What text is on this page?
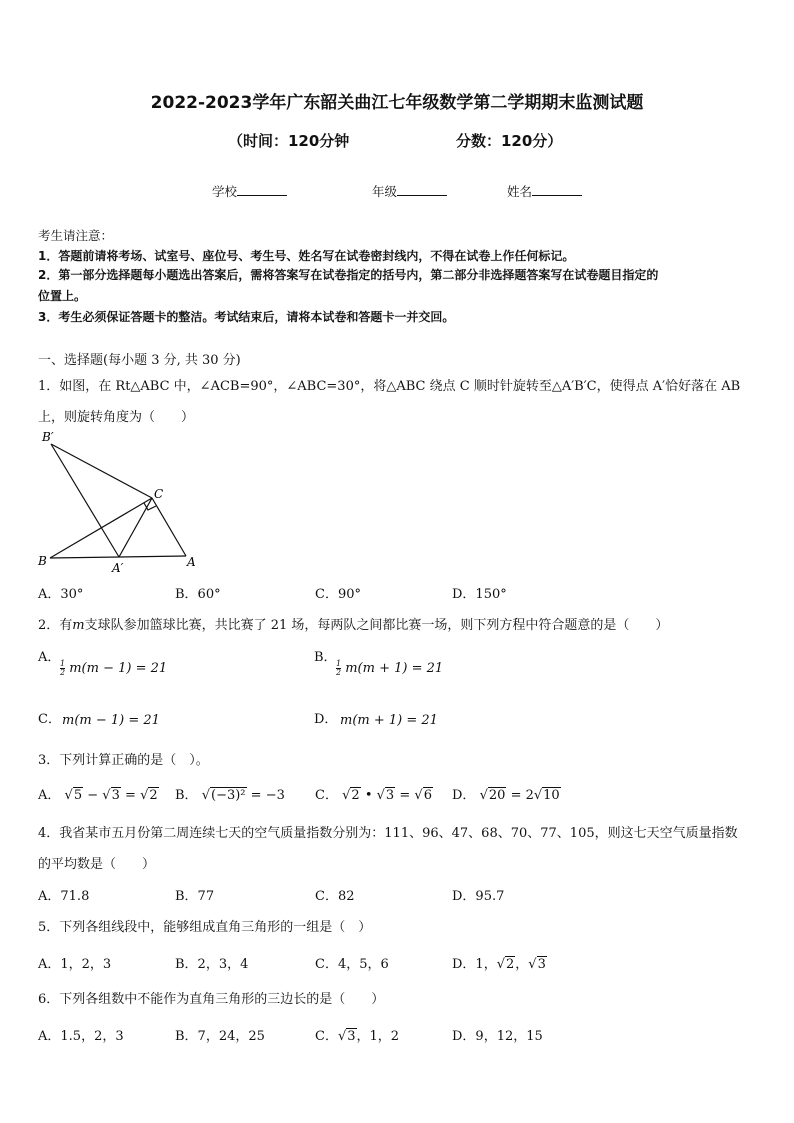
2022-2023学年广东韶关曲江七年级数学第二学期期末监测试题
（时间：120分钟	分数：120分）
学校	年级	姓名
考生请注意：
1．答题前请将考场、试室号、座位号、考生号、姓名写在试卷密封线内，不得在试卷上作任何标记。
2．第一部分选择题每小题选出答案后，需将答案写在试卷指定的括号内，第二部分非选择题答案写在试卷题目指定的
位置上。
3．考生必须保证答题卡的整洁。考试结束后，请将本试卷和答题卡一并交回。
一、选择题(每小题 3 分, 共 30 分)
1．如图，在 Rt△ABC 中，∠ACB=90°，∠ABC=30°，将△ABC 绕点 C 顺时针旋转至△A′B′C，使得点 A′恰好落在 AB
上，则旋转角度为（　　）
B′
C
B	A′	A
A．30°	B．60°	C．90°	D．150°
2．有m支球队参加篮球比赛，共比赛了 21 场，每两队之间都比赛一场，则下列方程中符合题意的是（　　）
A．
$\frac{1}{2} m(m - 1) = 21$
B．
$\frac{1}{2} m(m + 1) = 21$
C． m(m − 1) = 21	D． m(m + 1) = 21
3．下列计算正确的是（　）。
A． √5 − √3 = √2 B． √(−3)² = −3 C． √2 • √3 = √6 D． √20 = 2√10
4．我省某市五月份第二周连续七天的空气质量指数分别为：111、96、47、68、70、77、105，则这七天空气质量指数
的平均数是（　　）
A．71.8	B．77	C．82	D．95.7
5．下列各组线段中，能够组成直角三角形的一组是（　）
A．1，2，3	B．2，3，4	C．4，5，6	D．1，√2，√3
6．下列各组数中不能作为直角三角形的三边长的是（　　）
A．1.5，2，3	B．7，24，25	C．√3，1，2	D．9，12，15
